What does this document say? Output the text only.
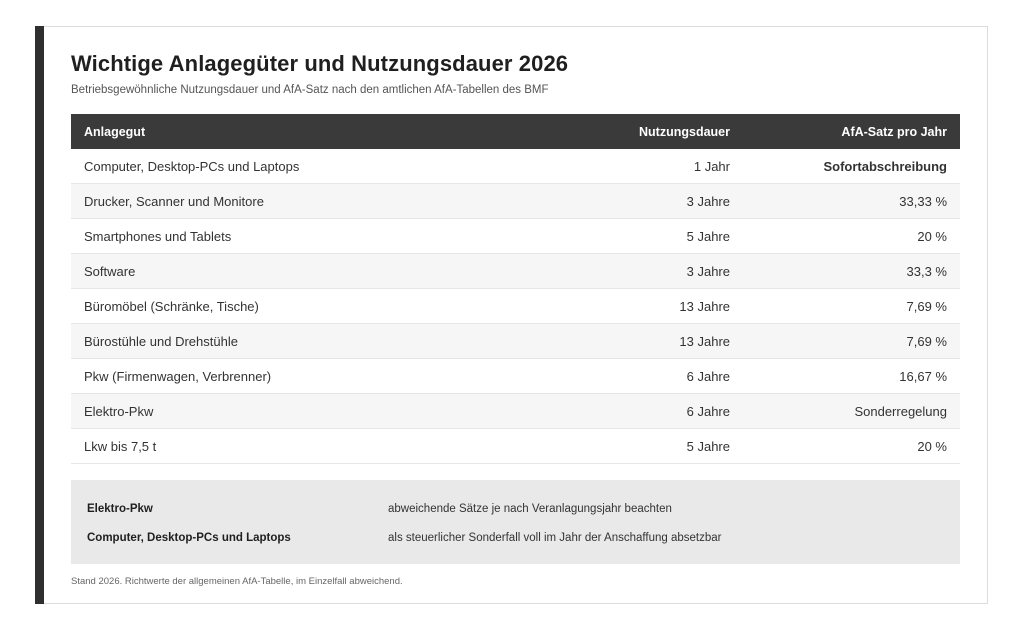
Wichtige Anlagegüter und Nutzungsdauer 2026
Betriebsgewöhnliche Nutzungsdauer und AfA-Satz nach den amtlichen AfA-Tabellen des BMF
Anlagegut	Nutzungsdauer	AfA-Satz pro Jahr
Computer, Desktop-PCs und Laptops	1 Jahr	Sofortabschreibung
Drucker, Scanner und Monitore	3 Jahre	33,33 %
Smartphones und Tablets	5 Jahre	20 %
Software	3 Jahre	33,3 %
Büromöbel (Schränke, Tische)	13 Jahre	7,69 %
Bürostühle und Drehstühle	13 Jahre	7,69 %
Pkw (Firmenwagen, Verbrenner)	6 Jahre	16,67 %
Elektro-Pkw	6 Jahre	Sonderregelung
Lkw bis 7,5 t	5 Jahre	20 %
Elektro-Pkw	abweichende Sätze je nach Veranlagungsjahr beachten
Computer, Desktop-PCs und Laptops	als steuerlicher Sonderfall voll im Jahr der Anschaffung absetzbar
Stand 2026. Richtwerte der allgemeinen AfA-Tabelle, im Einzelfall abweichend.
